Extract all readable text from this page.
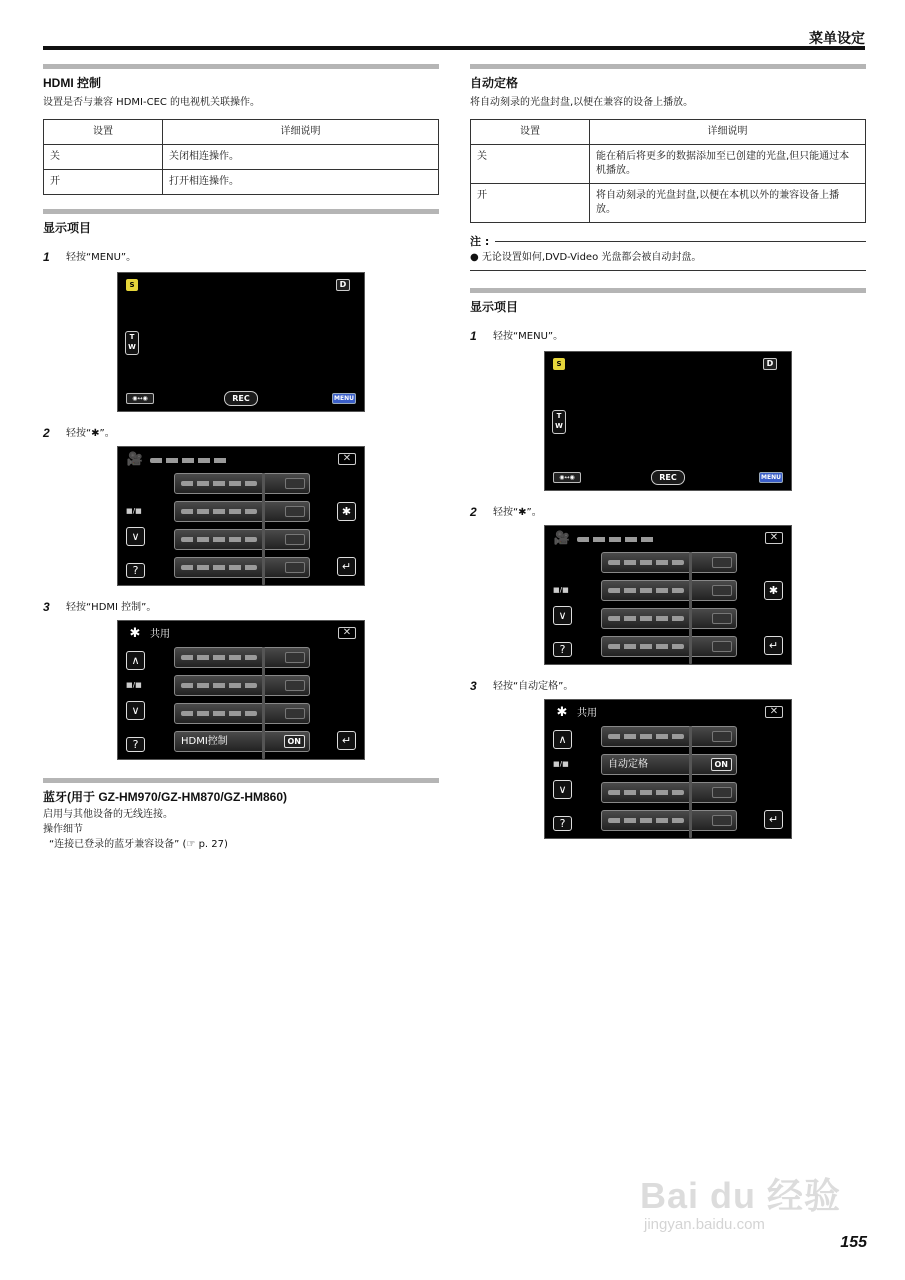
菜单设定
HDMI 控制
设置是否与兼容 HDMI-CEC 的电视机关联操作。
设置	详细说明
关	关闭相连操作。
开	打开相连操作。
显示项目
1 轻按“MENU”。
S	D
T
W
◉↔◉	REC	MENU
2 轻按“✱”。
🎥	✕
■/■
∨
?
✱
↵
3 轻按“HDMI 控制”。
✱ 共用	✕
HDMI控制	ON
∧
■/■
∨
?	↵
蓝牙(用于 GZ-HM970/GZ-HM870/GZ-HM860)
启用与其他设备的无线连接。
操作细节
“连接已登录的蓝牙兼容设备” (☞ p. 27)
自动定格
将自动刻录的光盘封盘,以便在兼容的设备上播放。
设置	详细说明
关	能在稍后将更多的数据添加至已创建的光盘,但只能通过本机播放。
开	将自动刻录的光盘封盘,以便在本机以外的兼容设备上播放。
注 :
● 无论设置如何,DVD-Video 光盘都会被自动封盘。
显示项目
1 轻按“MENU”。
S	D
T
W
◉↔◉	REC	MENU
2 轻按“✱”。
🎥	✕
■/■
∨
?
✱
↵
3 轻按“自动定格”。
✱ 共用	✕
自动定格	ON
∧
■/■
∨
?	↵
Bai du 经验
jingyan.baidu.com
155
